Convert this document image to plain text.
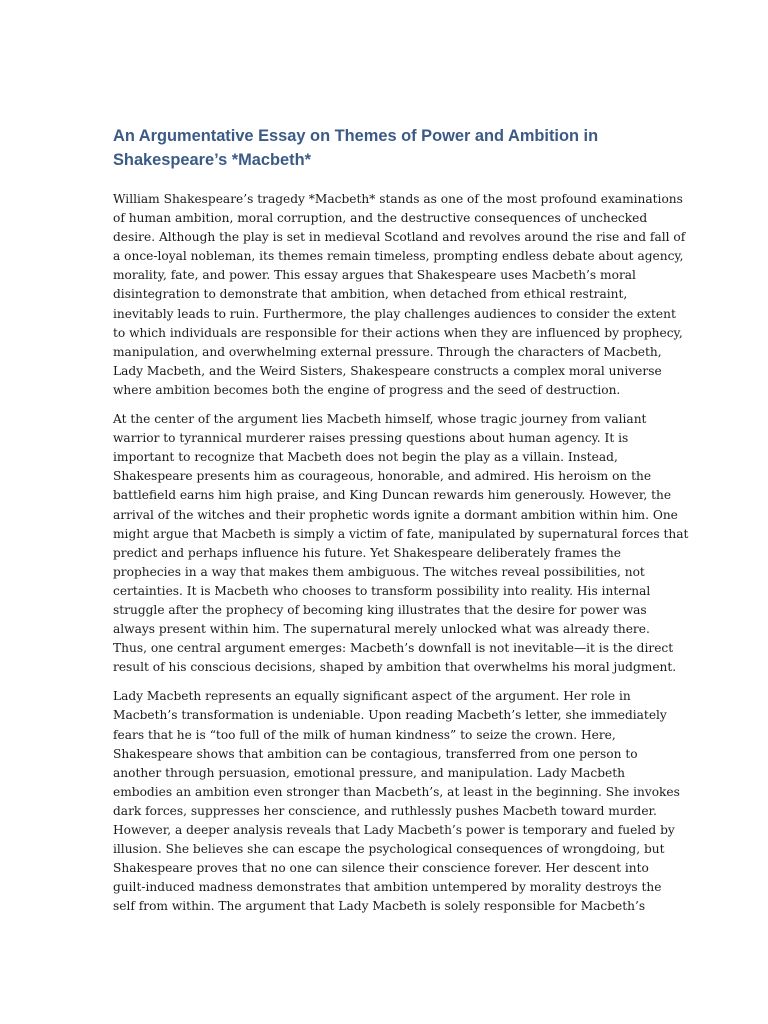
An Argumentative Essay on Themes of Power and Ambition in
Shakespeare’s *Macbeth*

William Shakespeare’s tragedy *Macbeth* stands as one of the most profound examinations
of human ambition, moral corruption, and the destructive consequences of unchecked
desire. Although the play is set in medieval Scotland and revolves around the rise and fall of
a once-loyal nobleman, its themes remain timeless, prompting endless debate about agency,
morality, fate, and power. This essay argues that Shakespeare uses Macbeth’s moral
disintegration to demonstrate that ambition, when detached from ethical restraint,
inevitably leads to ruin. Furthermore, the play challenges audiences to consider the extent
to which individuals are responsible for their actions when they are influenced by prophecy,
manipulation, and overwhelming external pressure. Through the characters of Macbeth,
Lady Macbeth, and the Weird Sisters, Shakespeare constructs a complex moral universe
where ambition becomes both the engine of progress and the seed of destruction.

At the center of the argument lies Macbeth himself, whose tragic journey from valiant
warrior to tyrannical murderer raises pressing questions about human agency. It is
important to recognize that Macbeth does not begin the play as a villain. Instead,
Shakespeare presents him as courageous, honorable, and admired. His heroism on the
battlefield earns him high praise, and King Duncan rewards him generously. However, the
arrival of the witches and their prophetic words ignite a dormant ambition within him. One
might argue that Macbeth is simply a victim of fate, manipulated by supernatural forces that
predict and perhaps influence his future. Yet Shakespeare deliberately frames the
prophecies in a way that makes them ambiguous. The witches reveal possibilities, not
certainties. It is Macbeth who chooses to transform possibility into reality. His internal
struggle after the prophecy of becoming king illustrates that the desire for power was
always present within him. The supernatural merely unlocked what was already there.
Thus, one central argument emerges: Macbeth’s downfall is not inevitable—it is the direct
result of his conscious decisions, shaped by ambition that overwhelms his moral judgment.

Lady Macbeth represents an equally significant aspect of the argument. Her role in
Macbeth’s transformation is undeniable. Upon reading Macbeth’s letter, she immediately
fears that he is “too full of the milk of human kindness” to seize the crown. Here,
Shakespeare shows that ambition can be contagious, transferred from one person to
another through persuasion, emotional pressure, and manipulation. Lady Macbeth
embodies an ambition even stronger than Macbeth’s, at least in the beginning. She invokes
dark forces, suppresses her conscience, and ruthlessly pushes Macbeth toward murder.
However, a deeper analysis reveals that Lady Macbeth’s power is temporary and fueled by
illusion. She believes she can escape the psychological consequences of wrongdoing, but
Shakespeare proves that no one can silence their conscience forever. Her descent into
guilt-induced madness demonstrates that ambition untempered by morality destroys the
self from within. The argument that Lady Macbeth is solely responsible for Macbeth’s
